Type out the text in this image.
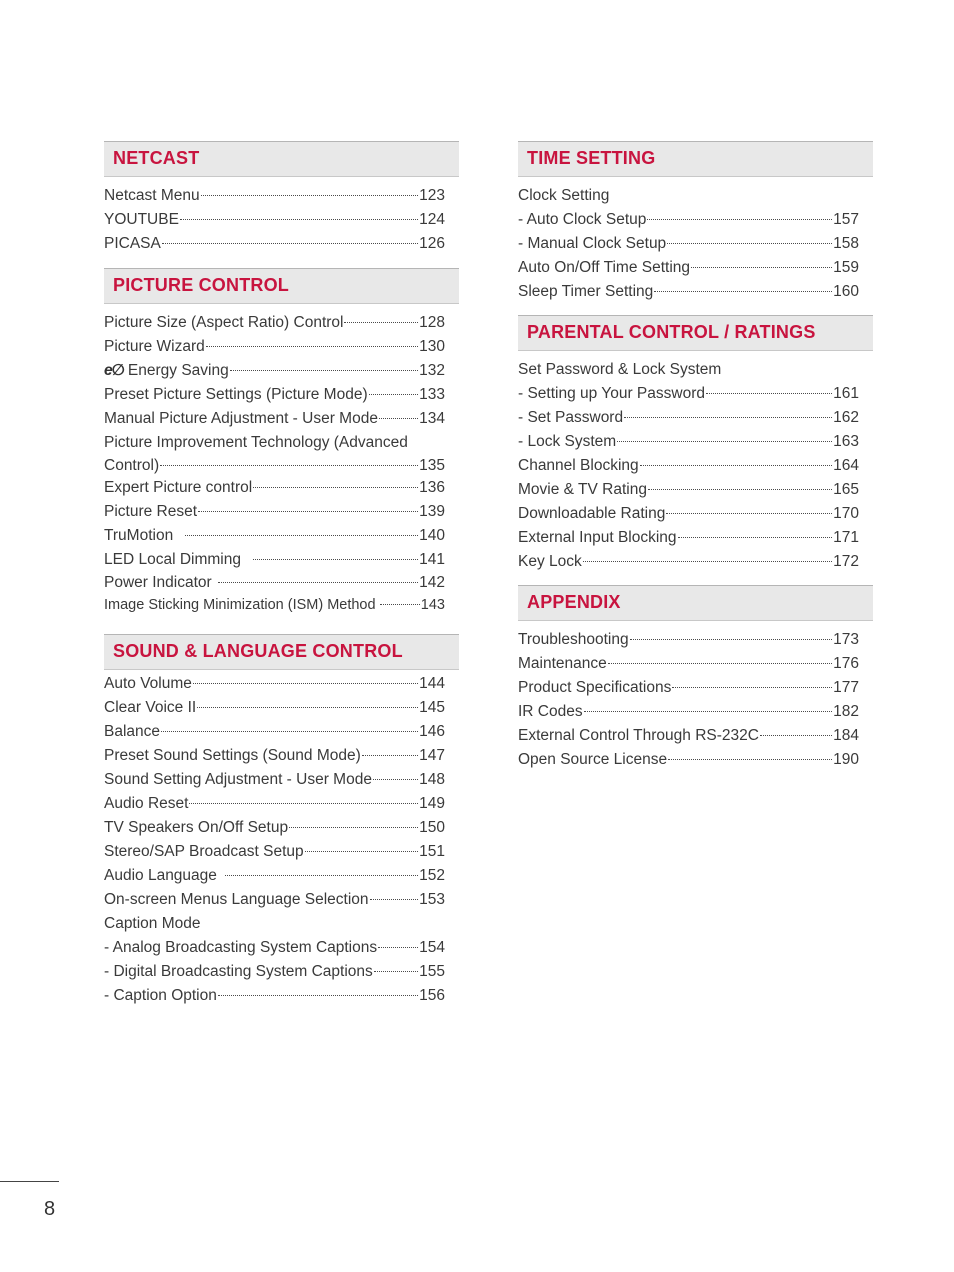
NETCAST
Netcast Menu	123
YOUTUBE	124
PICASA	126
PICTURE CONTROL
Picture Size (Aspect Ratio) Control	128
Picture Wizard	130
e∅ Energy Saving	132
Preset Picture Settings (Picture Mode)	133
Manual Picture Adjustment - User Mode	134
Picture Improvement Technology (Advanced
Control)	135
Expert Picture control	136
Picture Reset	139
TruMotion	140
LED Local Dimming	141
Power Indicator	142
Image Sticking Minimization (ISM) Method	143
SOUND & LANGUAGE CONTROL
Auto Volume	144
Clear Voice II	145
Balance	146
Preset Sound Settings (Sound Mode)	147
Sound Setting Adjustment - User Mode	148
Audio Reset	149
TV Speakers On/Off Setup	150
Stereo/SAP Broadcast Setup	151
Audio Language	152
On-screen Menus Language Selection	153
Caption Mode
- Analog Broadcasting System Captions	154
- Digital Broadcasting System Captions	155
- Caption Option	156
TIME SETTING
Clock Setting
- Auto Clock Setup	157
- Manual Clock Setup	158
Auto On/Off Time Setting	159
Sleep Timer Setting	160
PARENTAL CONTROL / RATINGS
Set Password & Lock System
- Setting up Your Password	161
- Set Password	162
- Lock System	163
Channel Blocking	164
Movie & TV Rating	165
Downloadable Rating	170
External Input Blocking	171
Key Lock	172
APPENDIX
Troubleshooting	173
Maintenance	176
Product Specifications	177
IR Codes	182
External Control Through RS-232C	184
Open Source License	190
8
